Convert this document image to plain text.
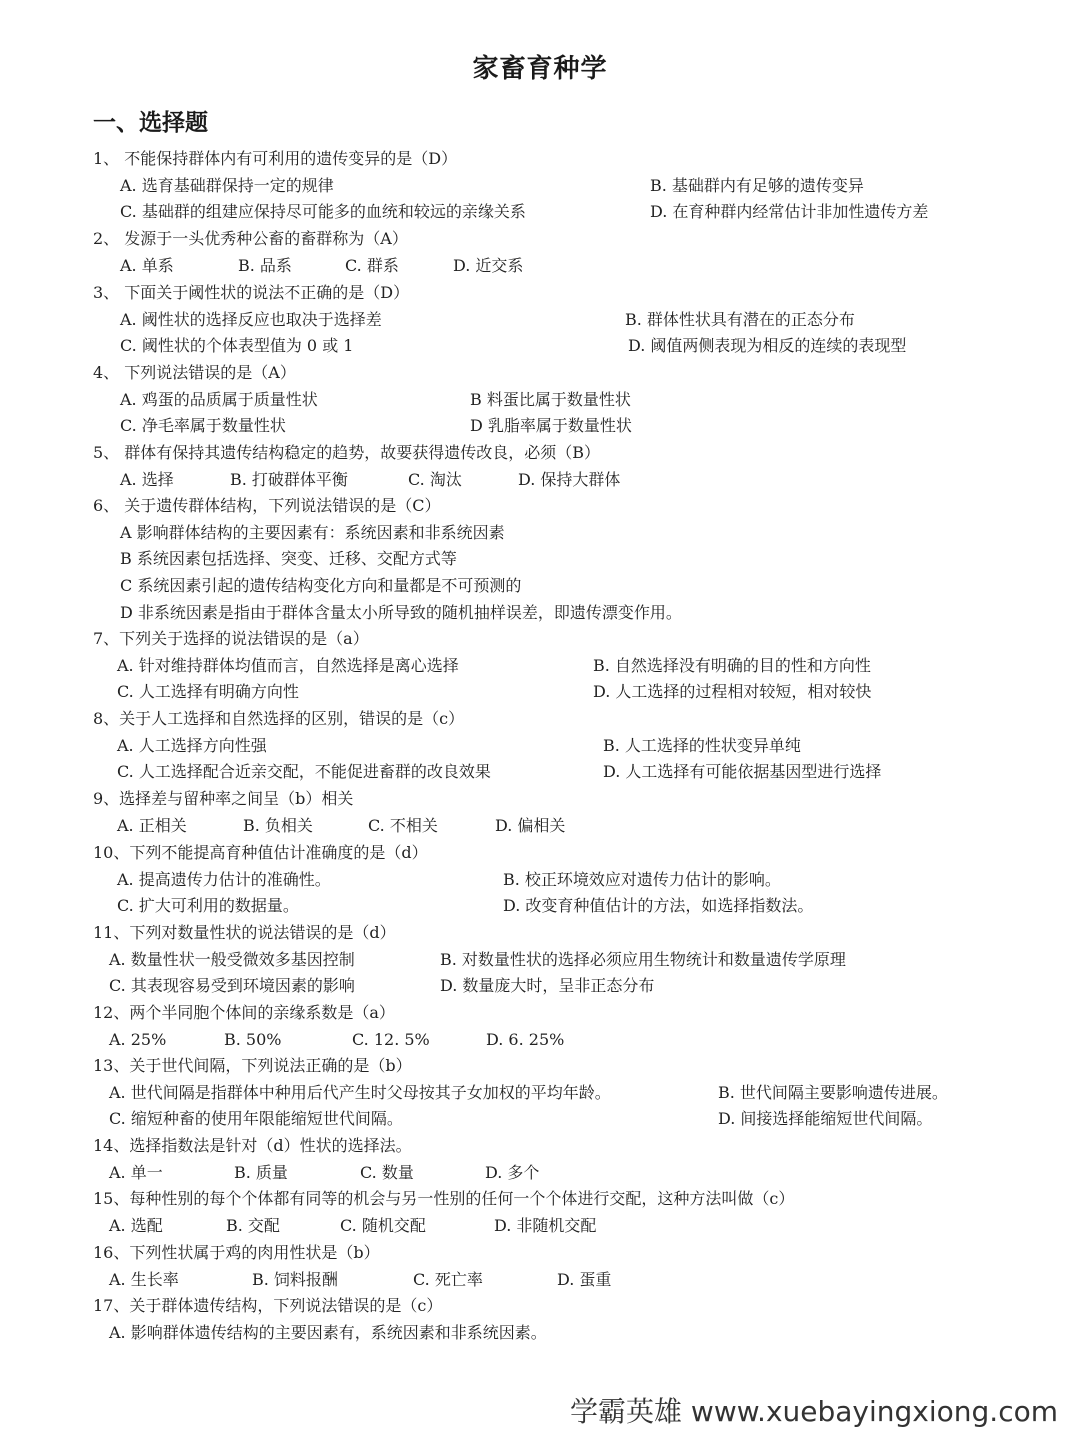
家畜育种学
一、选择题
1、 不能保持群体内有可利用的遗传变异的是（D）
A. 选育基础群保持一定的规律	B. 基础群内有足够的遗传变异
C. 基础群的组建应保持尽可能多的血统和较远的亲缘关系	D. 在育种群内经常估计非加性遗传方差
2、 发源于一头优秀种公畜的畜群称为（A）
A. 单系	B. 品系	C. 群系	D. 近交系
3、 下面关于阈性状的说法不正确的是（D）
A. 阈性状的选择反应也取决于选择差	B. 群体性状具有潜在的正态分布
C. 阈性状的个体表型值为 0 或 1	D. 阈值两侧表现为相反的连续的表现型
4、 下列说法错误的是（A）
A. 鸡蛋的品质属于质量性状	B 料蛋比属于数量性状
C. 净毛率属于数量性状	D 乳脂率属于数量性状
5、 群体有保持其遗传结构稳定的趋势，故要获得遗传改良，必须（B）
A. 选择	B. 打破群体平衡	C. 淘汰	D. 保持大群体
6、 关于遗传群体结构，下列说法错误的是（C）
A 影响群体结构的主要因素有：系统因素和非系统因素
B 系统因素包括选择、突变、迁移、交配方式等
C 系统因素引起的遗传结构变化方向和量都是不可预测的
D 非系统因素是指由于群体含量太小所导致的随机抽样误差，即遗传漂变作用。
7、下列关于选择的说法错误的是（a）
A. 针对维持群体均值而言，自然选择是离心选择	B. 自然选择没有明确的目的性和方向性
C. 人工选择有明确方向性	D. 人工选择的过程相对较短，相对较快
8、关于人工选择和自然选择的区别，错误的是（c）
A. 人工选择方向性强	B. 人工选择的性状变异单纯
C. 人工选择配合近亲交配，不能促进畜群的改良效果	D. 人工选择有可能依据基因型进行选择
9、选择差与留种率之间呈（b）相关
A. 正相关	B. 负相关	C. 不相关	D. 偏相关
10、下列不能提高育种值估计准确度的是（d）
A. 提高遗传力估计的准确性。	B. 校正环境效应对遗传力估计的影响。
C. 扩大可利用的数据量。	D. 改变育种值估计的方法，如选择指数法。
11、下列对数量性状的说法错误的是（d）
A. 数量性状一般受微效多基因控制	B. 对数量性状的选择必须应用生物统计和数量遗传学原理
C. 其表现容易受到环境因素的影响	D. 数量庞大时，呈非正态分布
12、两个半同胞个体间的亲缘系数是（a）
A. 25%	B. 50%	C. 12. 5%	D. 6. 25%
13、关于世代间隔，下列说法正确的是（b）
A. 世代间隔是指群体中种用后代产生时父母按其子女加权的平均年龄。	B. 世代间隔主要影响遗传进展。
C. 缩短种畜的使用年限能缩短世代间隔。	D. 间接选择能缩短世代间隔。
14、选择指数法是针对（d）性状的选择法。
A. 单一	B. 质量	C. 数量	D. 多个
15、每种性别的每个个体都有同等的机会与另一性别的任何一个个体进行交配，这种方法叫做（c）
A. 选配	B. 交配	C. 随机交配	D. 非随机交配
16、下列性状属于鸡的肉用性状是（b）
A. 生长率	B. 饲料报酬	C. 死亡率	D. 蛋重
17、关于群体遗传结构，下列说法错误的是（c）
A. 影响群体遗传结构的主要因素有，系统因素和非系统因素。
学霸英雄 www.xuebayingxiong.com
